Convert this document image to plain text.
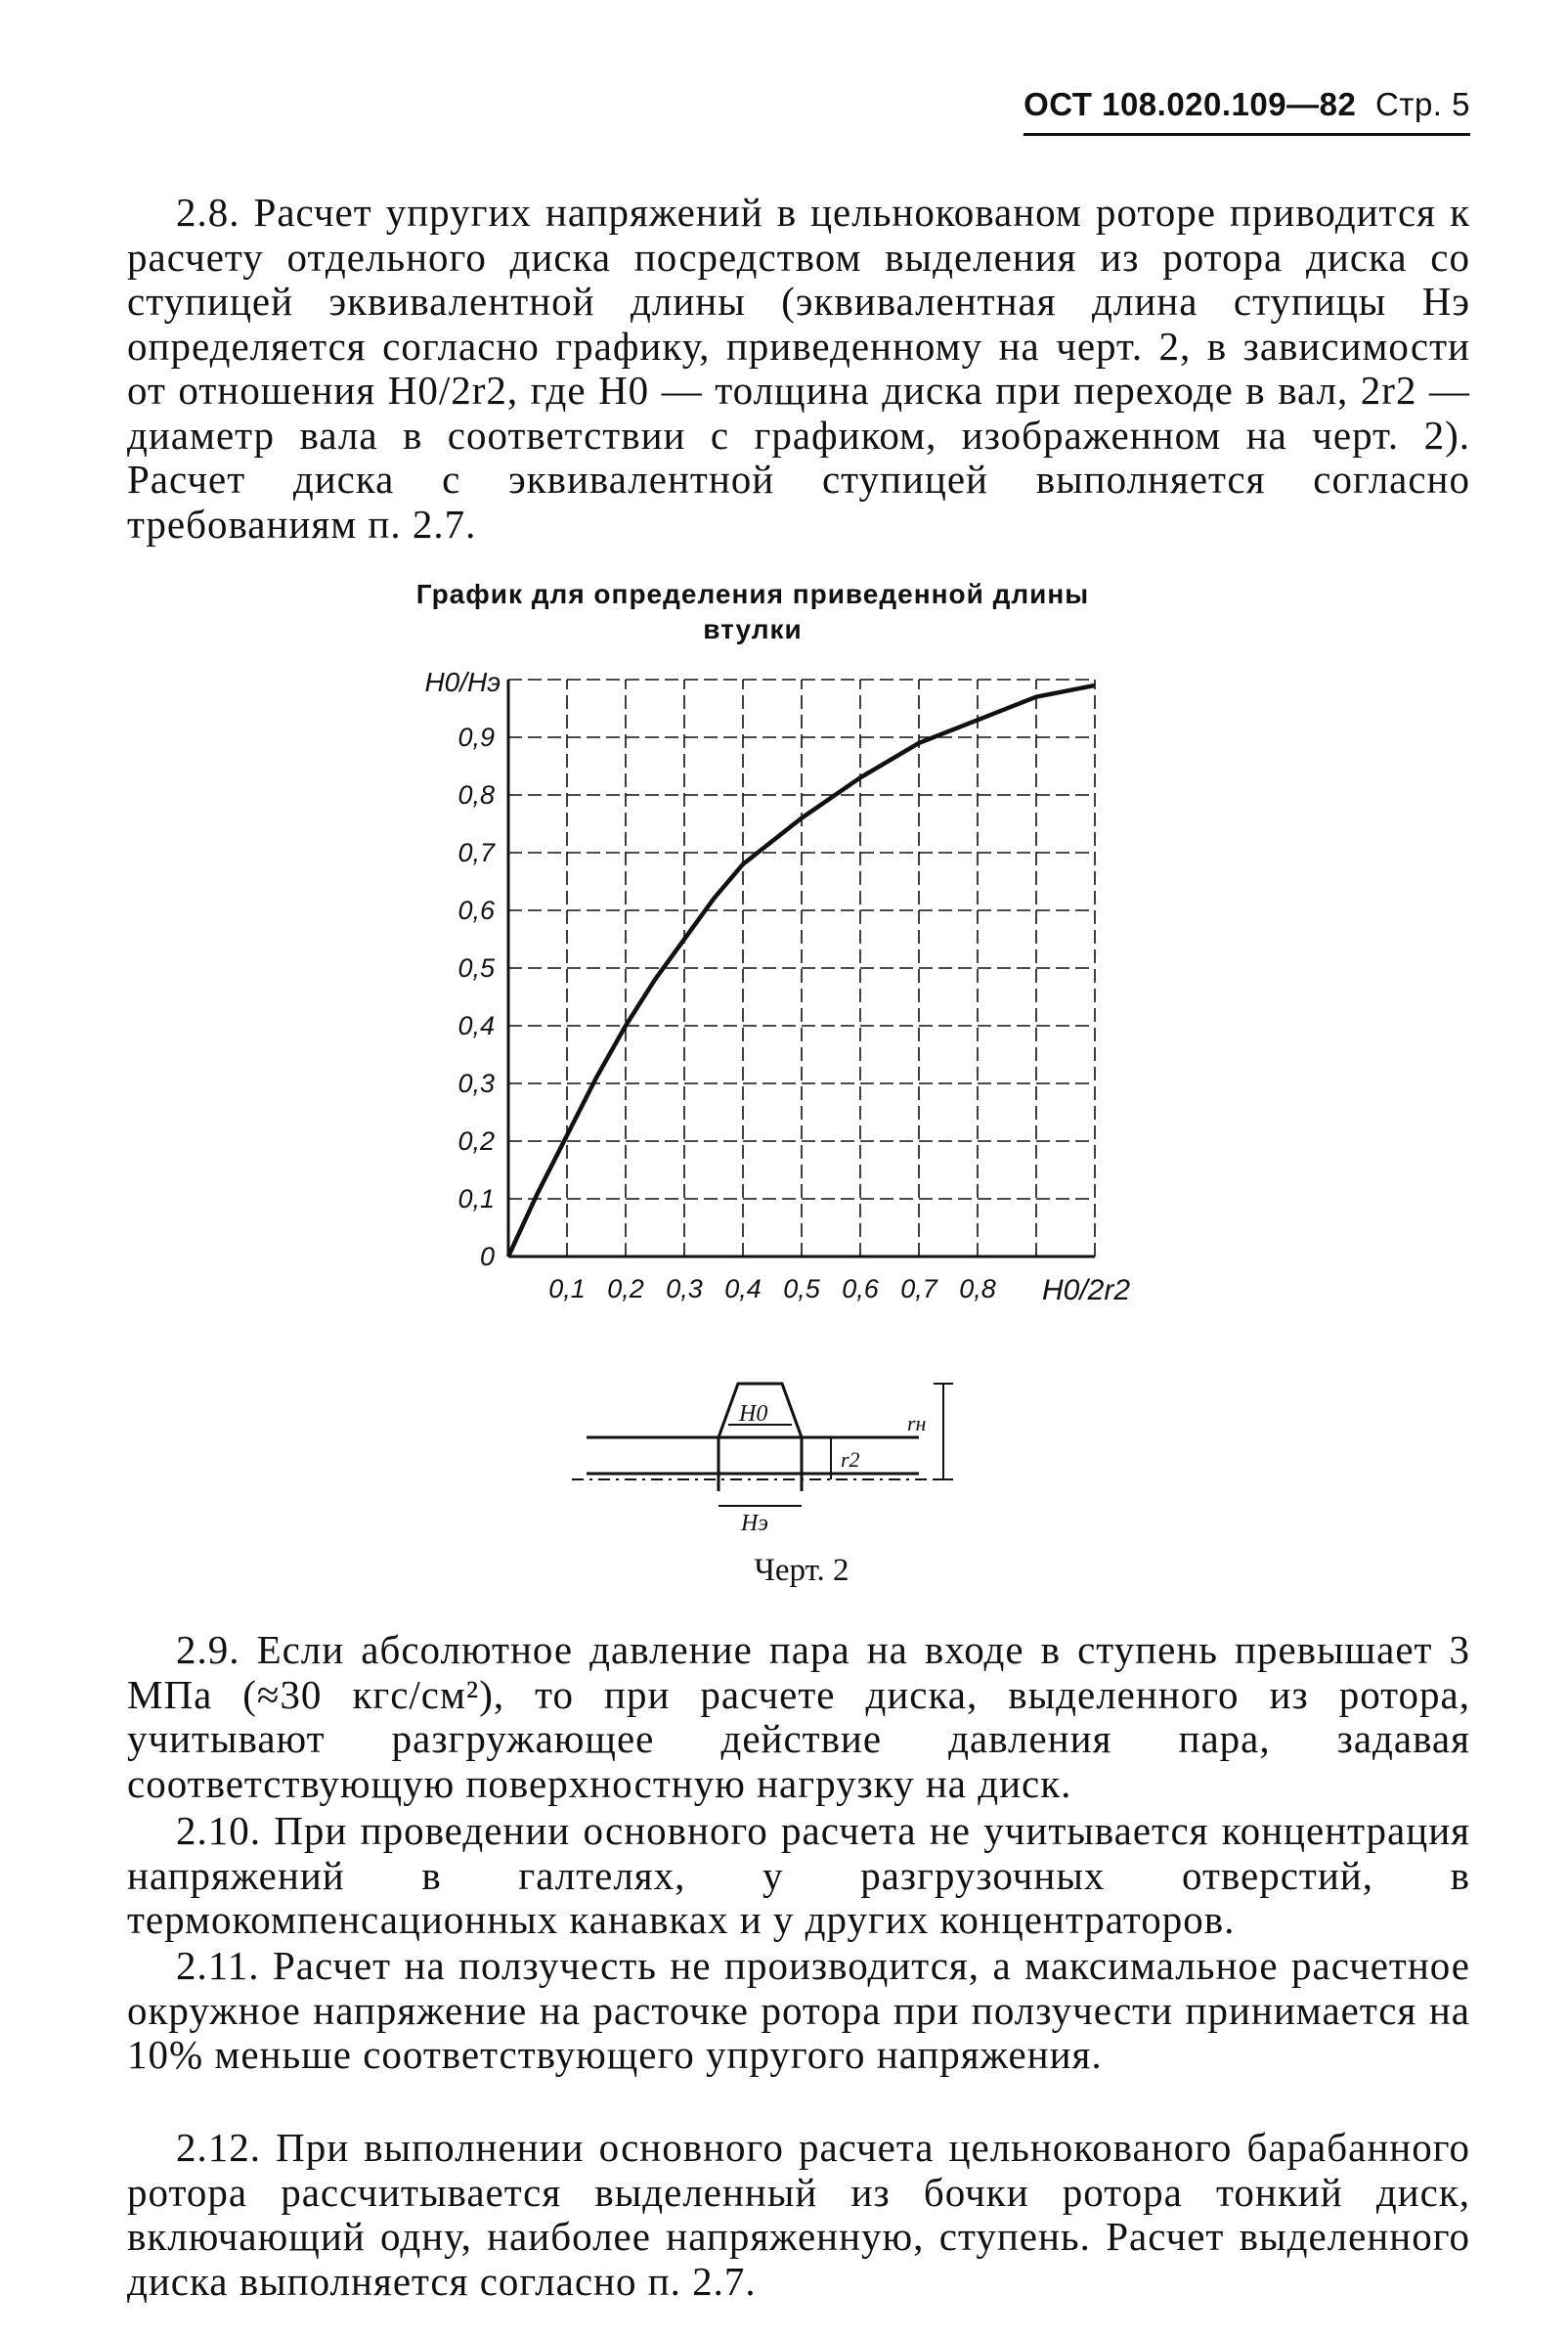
ОСТ 108.020.109—82 Стр. 5
2.8. Расчет упругих напряжений в цельнокованом роторе приводится к расчету отдельного диска посредством выделения из ротора диска со ступицей эквивалентной длины (эквивалентная длина ступицы Hэ определяется согласно графику, приведенному на черт. 2, в зависимости от отношения H0/2r2, где H0 — толщина диска при переходе в вал, 2r2 — диаметр вала в соответствии с графиком, изображенном на черт. 2). Расчет диска с эквивалентной ступицей выполняется согласно требованиям п. 2.7.
График для определения приведенной длины втулки
0
0,1
0,2
0,3
0,4
0,5
0,6
0,7
0,8
0,9
0,1 0,2 0,3 0,4 0,5 0,6 0,7 0,8
H0/Hэ
H0/2r2
H0
r2
rн
Hэ
Черт. 2
2.9. Если абсолютное давление пара на входе в ступень превышает 3 МПа (≈30 кгс/см²), то при расчете диска, выделенного из ротора, учитывают разгружающее действие давления пара, задавая соответствующую поверхностную нагрузку на диск.
2.10. При проведении основного расчета не учитывается концентрация напряжений в галтелях, у разгрузочных отверстий, в термокомпенсационных канавках и у других концентраторов.
2.11. Расчет на ползучесть не производится, а максимальное расчетное окружное напряжение на расточке ротора при ползучести принимается на 10% меньше соответствующего упругого напряжения.
2.12. При выполнении основного расчета цельнокованого барабанного ротора рассчитывается выделенный из бочки ротора тонкий диск, включающий одну, наиболее напряженную, ступень. Расчет выделенного диска выполняется согласно п. 2.7.
